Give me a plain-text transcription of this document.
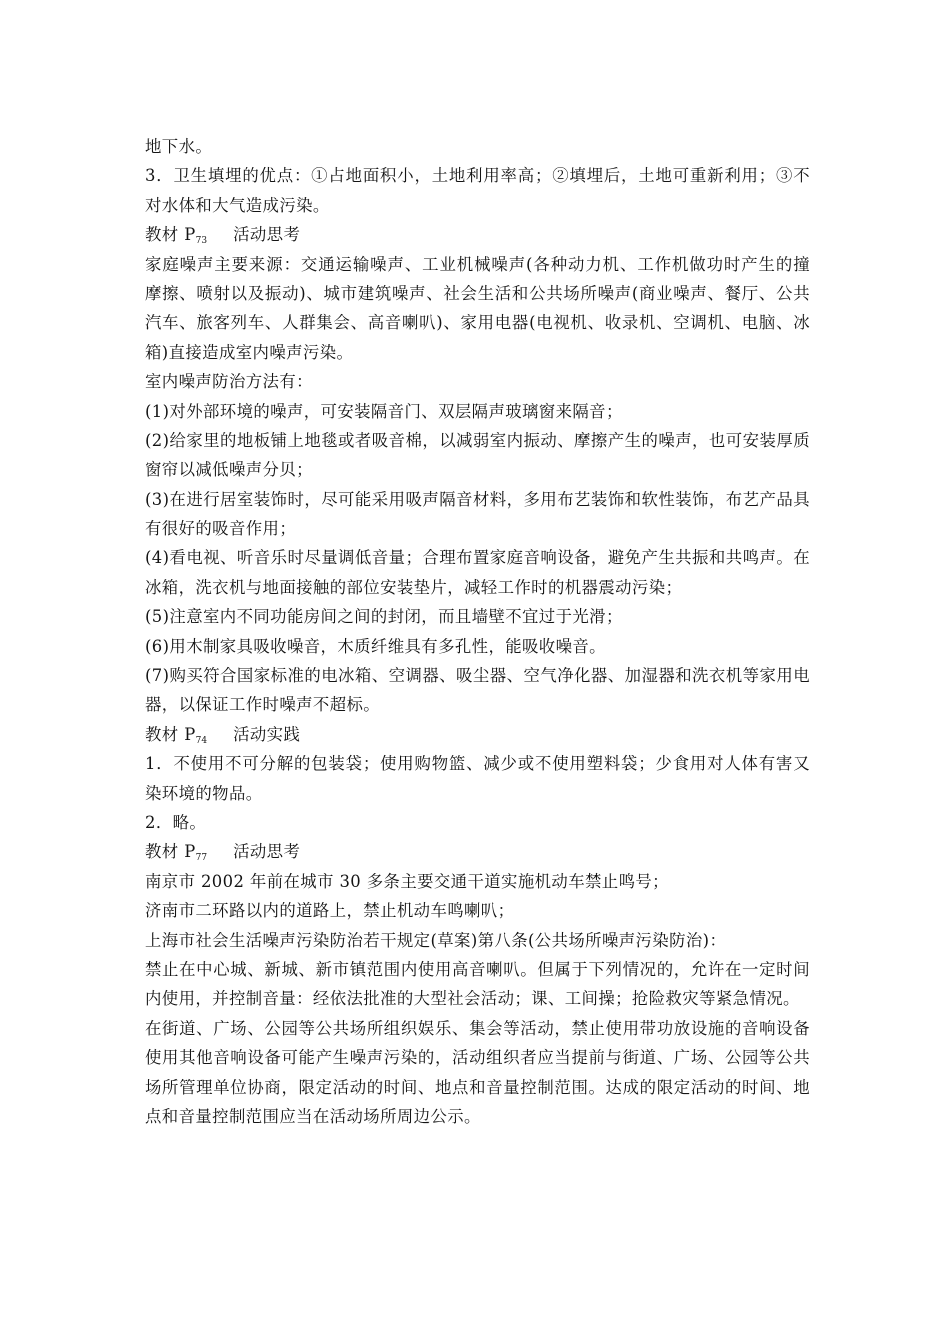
地下水。
3．卫生填埋的优点：①占地面积小，土地利用率高；②填埋后，土地可重新利用；③不
对水体和大气造成污染。
教材 $P_{73}$ 活动思考
家庭噪声主要来源：交通运输噪声、工业机械噪声(各种动力机、工作机做功时产生的撞
摩擦、喷射以及振动)、城市建筑噪声、社会生活和公共场所噪声(商业噪声、餐厅、公共
汽车、旅客列车、人群集会、高音喇叭)、家用电器(电视机、收录机、空调机、电脑、冰
箱)直接造成室内噪声污染。
室内噪声防治方法有：
(1)对外部环境的噪声，可安装隔音门、双层隔声玻璃窗来隔音；
(2)给家里的地板铺上地毯或者吸音棉，以减弱室内振动、摩擦产生的噪声，也可安装厚质
窗帘以减低噪声分贝；
(3)在进行居室装饰时，尽可能采用吸声隔音材料，多用布艺装饰和软性装饰，布艺产品具
有很好的吸音作用；
(4)看电视、听音乐时尽量调低音量；合理布置家庭音响设备，避免产生共振和共鸣声。在
冰箱，洗衣机与地面接触的部位安装垫片，减轻工作时的机器震动污染；
(5)注意室内不同功能房间之间的封闭，而且墙壁不宜过于光滑；
(6)用木制家具吸收噪音，木质纤维具有多孔性，能吸收噪音。
(7)购买符合国家标准的电冰箱、空调器、吸尘器、空气净化器、加湿器和洗衣机等家用电
器，以保证工作时噪声不超标。
教材 $P_{74}$ 活动实践
1．不使用不可分解的包装袋；使用购物篮、减少或不使用塑料袋；少食用对人体有害又
染环境的物品。
2．略。
教材 $P_{77}$ 活动思考
南京市 2002 年前在城市 30 多条主要交通干道实施机动车禁止鸣号；
济南市二环路以内的道路上，禁止机动车鸣喇叭；
上海市社会生活噪声污染防治若干规定(草案)第八条(公共场所噪声污染防治)：
禁止在中心城、新城、新市镇范围内使用高音喇叭。但属于下列情况的，允许在一定时间
内使用，并控制音量：经依法批准的大型社会活动；课、工间操；抢险救灾等紧急情况。
在街道、广场、公园等公共场所组织娱乐、集会等活动，禁止使用带功放设施的音响设备
使用其他音响设备可能产生噪声污染的，活动组织者应当提前与街道、广场、公园等公共
场所管理单位协商，限定活动的时间、地点和音量控制范围。达成的限定活动的时间、地
点和音量控制范围应当在活动场所周边公示。
